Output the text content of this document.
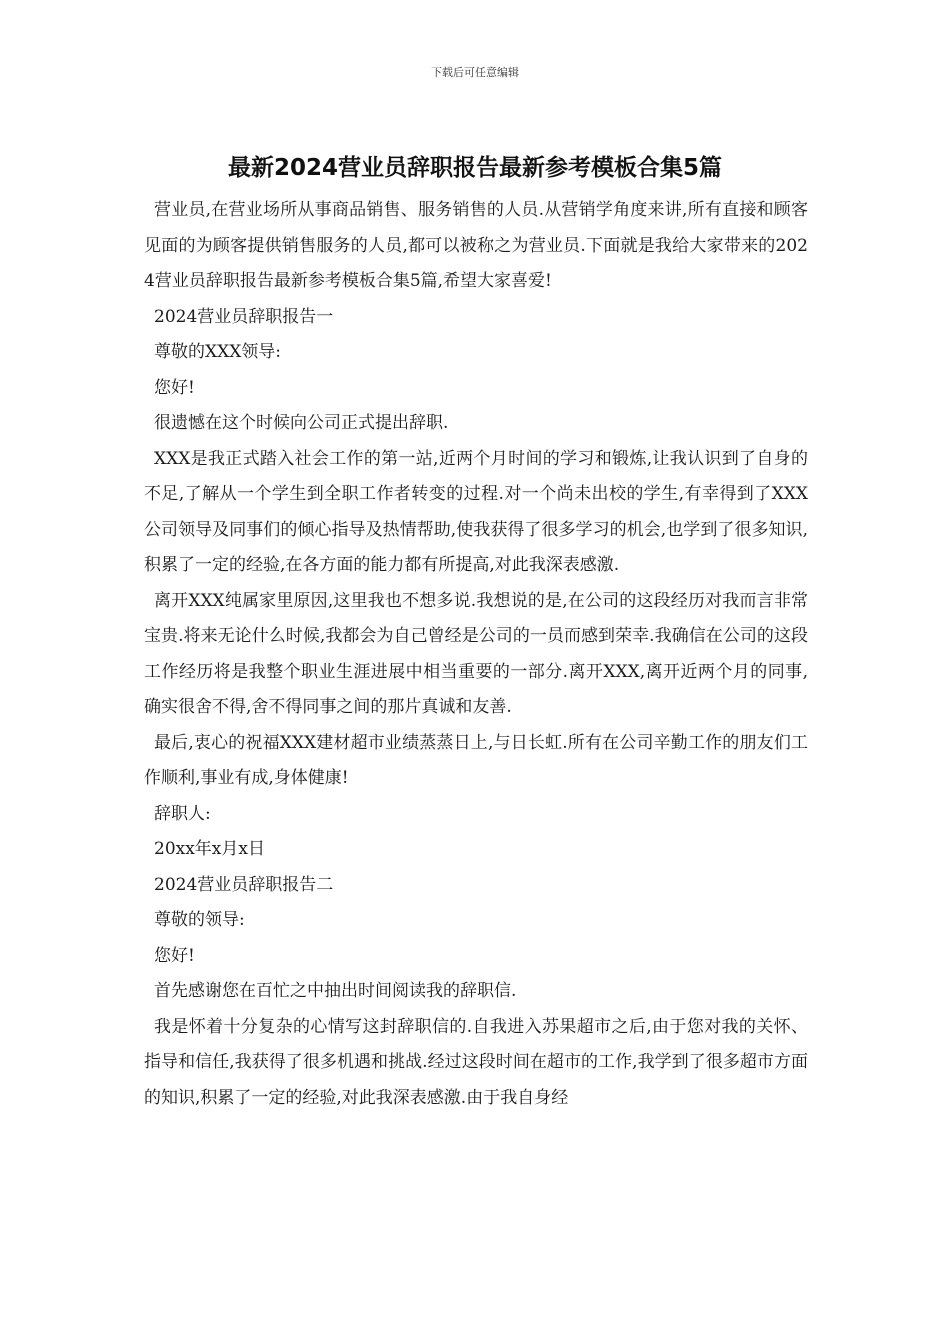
下载后可任意编辑
最新2024营业员辞职报告最新参考模板合集5篇

营业员,在营业场所从事商品销售、服务销售的人员.从营销学角度来讲,所有直接和顾客见面的为顾客提供销售服务的人员,都可以被称之为营业员.下面就是我给大家带来的2024营业员辞职报告最新参考模板合集5篇,希望大家喜爱!

2024营业员辞职报告一

尊敬的XXX领导:

您好!

很遗憾在这个时候向公司正式提出辞职.

XXX是我正式踏入社会工作的第一站,近两个月时间的学习和锻炼,让我认识到了自身的不足,了解从一个学生到全职工作者转变的过程.对一个尚未出校的学生,有幸得到了XXX公司领导及同事们的倾心指导及热情帮助,使我获得了很多学习的机会,也学到了很多知识,积累了一定的经验,在各方面的能力都有所提高,对此我深表感激.

离开XXX纯属家里原因,这里我也不想多说.我想说的是,在公司的这段经历对我而言非常宝贵.将来无论什么时候,我都会为自己曾经是公司的一员而感到荣幸.我确信在公司的这段工作经历将是我整个职业生涯进展中相当重要的一部分.离开XXX,离开近两个月的同事,确实很舍不得,舍不得同事之间的那片真诚和友善.

最后,衷心的祝福XXX建材超市业绩蒸蒸日上,与日长虹.所有在公司辛勤工作的朋友们工作顺利,事业有成,身体健康!

辞职人:

20xx年x月x日

2024营业员辞职报告二

尊敬的领导:

您好!

首先感谢您在百忙之中抽出时间阅读我的辞职信.

我是怀着十分复杂的心情写这封辞职信的.自我进入苏果超市之后,由于您对我的关怀、指导和信任,我获得了很多机遇和挑战.经过这段时间在超市的工作,我学到了很多超市方面的知识,积累了一定的经验,对此我深表感激.由于我自身经
